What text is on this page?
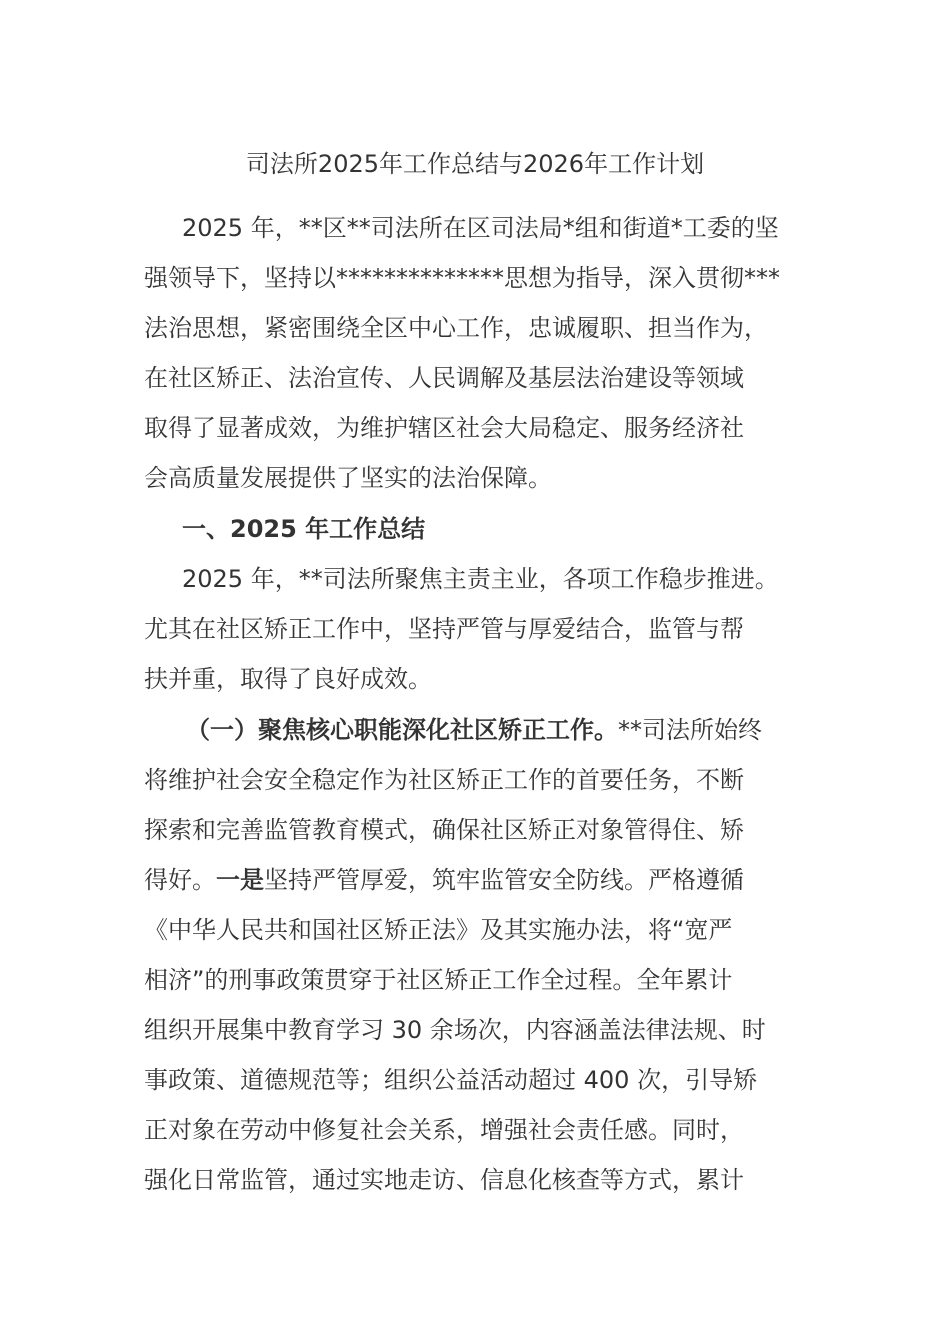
司法所2025年工作总结与2026年工作计划
2025 年，**区**司法所在区司法局*组和街道*工委的坚
强领导下，坚持以**************思想为指导，深入贯彻***
法治思想，紧密围绕全区中心工作，忠诚履职、担当作为，
在社区矫正、法治宣传、人民调解及基层法治建设等领域
取得了显著成效，为维护辖区社会大局稳定、服务经济社
会高质量发展提供了坚实的法治保障。
一、2025 年工作总结
2025 年，**司法所聚焦主责主业，各项工作稳步推进。
尤其在社区矫正工作中，坚持严管与厚爱结合，监管与帮
扶并重，取得了良好成效。
（一）聚焦核心职能深化社区矫正工作。**司法所始终
将维护社会安全稳定作为社区矫正工作的首要任务，不断
探索和完善监管教育模式，确保社区矫正对象管得住、矫
得好。一是坚持严管厚爱，筑牢监管安全防线。严格遵循
《中华人民共和国社区矫正法》及其实施办法，将“宽严
相济”的刑事政策贯穿于社区矫正工作全过程。全年累计
组织开展集中教育学习 30 余场次，内容涵盖法律法规、时
事政策、道德规范等；组织公益活动超过 400 次，引导矫
正对象在劳动中修复社会关系，增强社会责任感。同时，
强化日常监管，通过实地走访、信息化核查等方式，累计
